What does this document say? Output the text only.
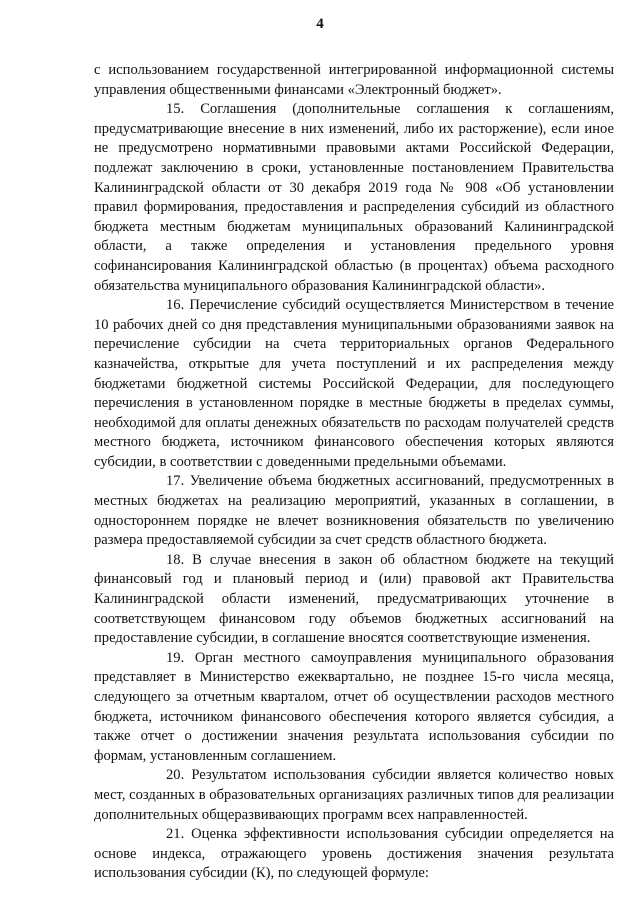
4

с использованием государственной интегрированной информационной системы управления общественными финансами «Электронный бюджет».

15. Соглашения (дополнительные соглашения к соглашениям, предусматривающие внесение в них изменений, либо их расторжение), если иное не предусмотрено нормативными правовыми актами Российской Федерации, подлежат заключению в сроки, установленные постановлением Правительства Калининградской области от 30 декабря 2019 года № 908 «Об установлении правил формирования, предоставления и распределения субсидий из областного бюджета местным бюджетам муниципальных образований Калининградской области, а также определения и установления предельного уровня софинансирования Калининградской областью (в процентах) объема расходного обязательства муниципального образования Калининградской области».

16. Перечисление субсидий осуществляется Министерством в течение 10 рабочих дней со дня представления муниципальными образованиями заявок на перечисление субсидии на счета территориальных органов Федерального казначейства, открытые для учета поступлений и их распределения между бюджетами бюджетной системы Российской Федерации, для последующего перечисления в установленном порядке в местные бюджеты в пределах суммы, необходимой для оплаты денежных обязательств по расходам получателей средств местного бюджета, источником финансового обеспечения которых являются субсидии, в соответствии с доведенными предельными объемами.

17. Увеличение объема бюджетных ассигнований, предусмотренных в местных бюджетах на реализацию мероприятий, указанных в соглашении, в одностороннем порядке не влечет возникновения обязательств по увеличению размера предоставляемой субсидии за счет средств областного бюджета.

18. В случае внесения в закон об областном бюджете на текущий финансовый год и плановый период и (или) правовой акт Правительства Калининградской области изменений, предусматривающих уточнение в соответствующем финансовом году объемов бюджетных ассигнований на предоставление субсидии, в соглашение вносятся соответствующие изменения.

19. Орган местного самоуправления муниципального образования представляет в Министерство ежеквартально, не позднее 15-го числа месяца, следующего за отчетным кварталом, отчет об осуществлении расходов местного бюджета, источником финансового обеспечения которого является субсидия, а также отчет о достижении значения результата использования субсидии по формам, установленным соглашением.

20. Результатом использования субсидии является количество новых мест, созданных в образовательных организациях различных типов для реализации дополнительных общеразвивающих программ всех направленностей.

21. Оценка эффективности использования субсидии определяется на основе индекса, отражающего уровень достижения значения результата использования субсидии (К), по следующей формуле:
